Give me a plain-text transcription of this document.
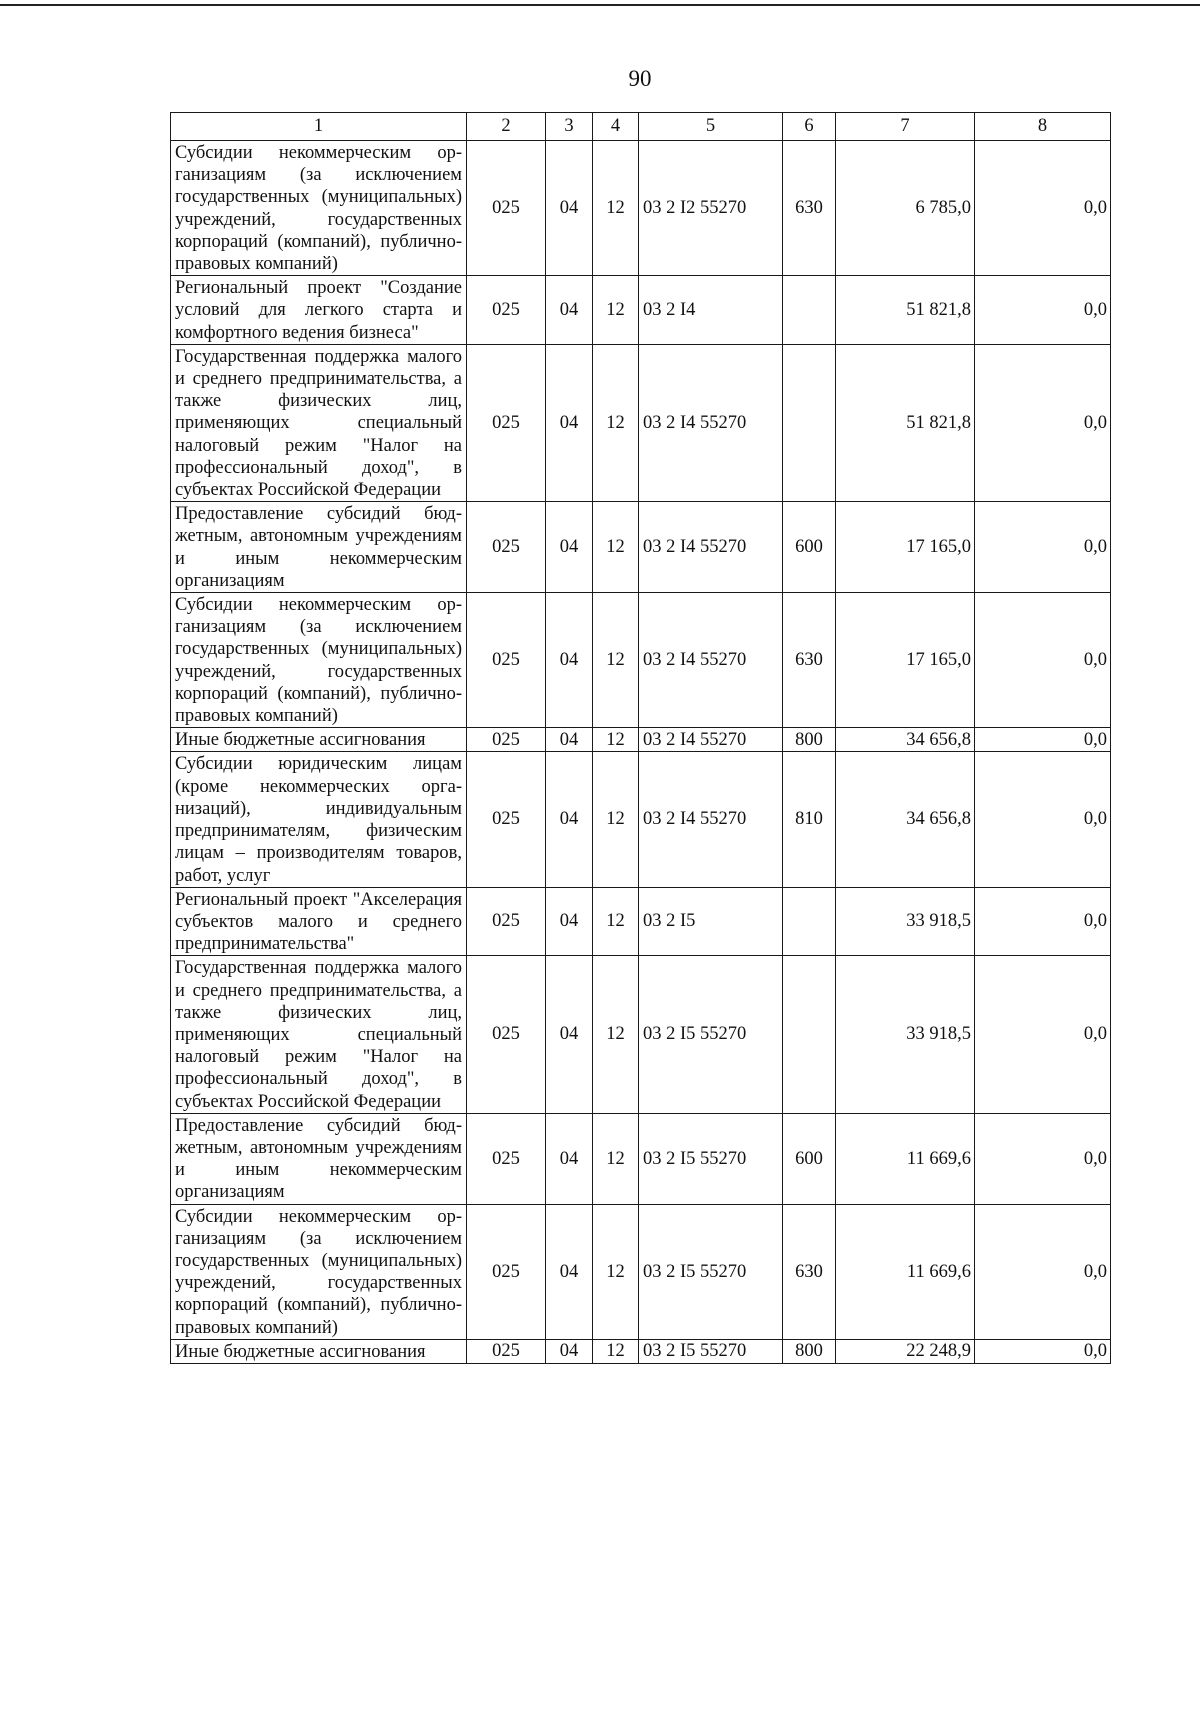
90
1	2	3	4	5	6	7	8
Субсидии некоммерческим организациям (за исключением государственных (муниципальных) учреждений, государственных корпораций (компаний), публично-правовых компаний)	025	04	12	03 2 I2 55270	630	6 785,0	0,0
Региональный проект "Создание условий для легкого старта и комфортного ведения бизнеса"	025	04	12	03 2 I4		51 821,8	0,0
Государственная поддержка малого и среднего предпринимательства, а также физических лиц, применяющих специальный налоговый режим "Налог на профессиональный доход", в субъектах Российской Федерации	025	04	12	03 2 I4 55270		51 821,8	0,0
Предоставление субсидий бюджетным, автономным учреждениям и иным некоммерческим организациям	025	04	12	03 2 I4 55270	600	17 165,0	0,0
Субсидии некоммерческим организациям (за исключением государственных (муниципальных) учреждений, государственных корпораций (компаний), публично-правовых компаний)	025	04	12	03 2 I4 55270	630	17 165,0	0,0
Иные бюджетные ассигнования	025	04	12	03 2 I4 55270	800	34 656,8	0,0
Субсидии юридическим лицам (кроме некоммерческих организаций), индивидуальным предпринимателям, физическим лицам – производителям товаров, работ, услуг	025	04	12	03 2 I4 55270	810	34 656,8	0,0
Региональный проект "Акселерация субъектов малого и среднего предпринимательства"	025	04	12	03 2 I5		33 918,5	0,0
Государственная поддержка малого и среднего предпринимательства, а также физических лиц, применяющих специальный налоговый режим "Налог на профессиональный доход", в субъектах Российской Федерации	025	04	12	03 2 I5 55270		33 918,5	0,0
Предоставление субсидий бюджетным, автономным учреждениям и иным некоммерческим организациям	025	04	12	03 2 I5 55270	600	11 669,6	0,0
Субсидии некоммерческим организациям (за исключением государственных (муниципальных) учреждений, государственных корпораций (компаний), публично-правовых компаний)	025	04	12	03 2 I5 55270	630	11 669,6	0,0
Иные бюджетные ассигнования	025	04	12	03 2 I5 55270	800	22 248,9	0,0
